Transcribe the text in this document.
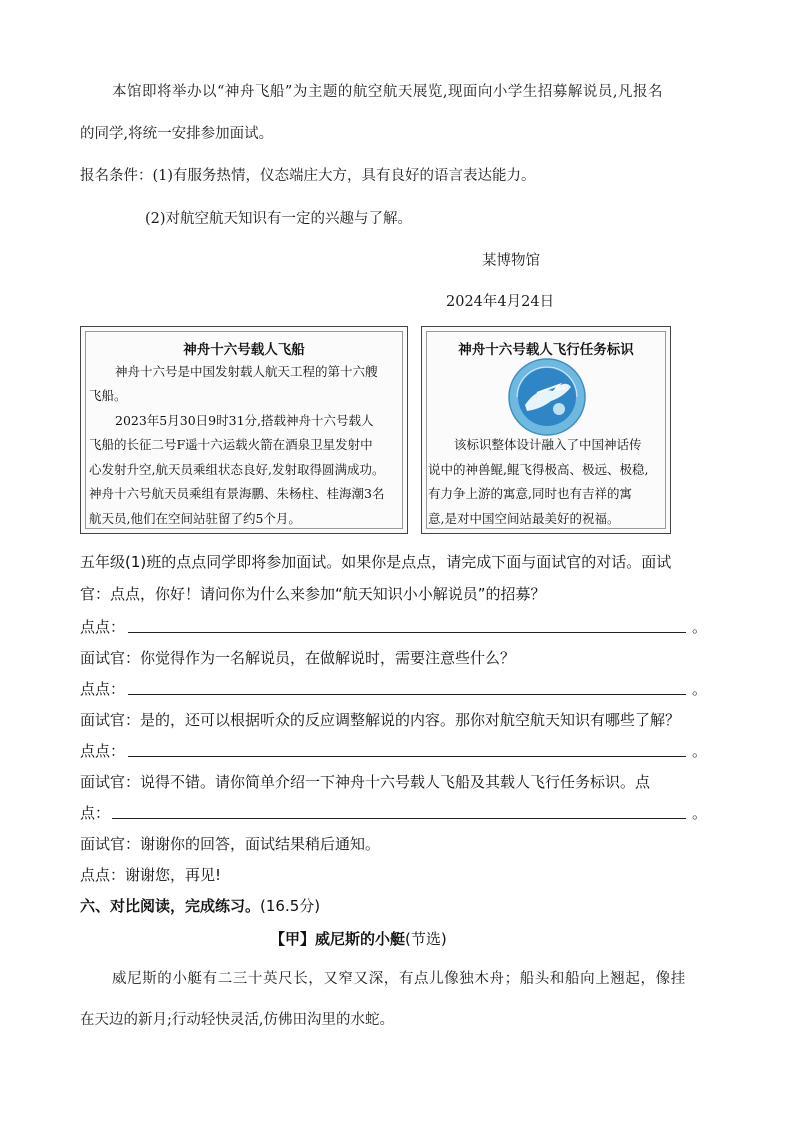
本馆即将举办以“神舟飞船”为主题的航空航天展览,现面向小学生招募解说员,凡报名
的同学,将统一安排参加面试。
报名条件：(1)有服务热情，仪态端庄大方，具有良好的语言表达能力。
(2)对航空航天知识有一定的兴趣与了解。
某博物馆
2024年4月24日
神舟十六号载人飞船
神舟十六号是中国发射载人航天工程的第十六艘
飞船。
2023年5月30日9时31分,搭载神舟十六号载人
飞船的长征二号F遥十六运载火箭在酒泉卫星发射中
心发射升空,航天员乘组状态良好,发射取得圆满成功。
神舟十六号航天员乘组有景海鹏、朱杨柱、桂海潮3名
航天员,他们在空间站驻留了约5个月。
神舟十六号载人飞行任务标识
该标识整体设计融入了中国神话传
说中的神兽鲲,鲲飞得极高、极远、极稳,
有力争上游的寓意,同时也有吉祥的寓
意,是对中国空间站最美好的祝福。
五年级(1)班的点点同学即将参加面试。如果你是点点，请完成下面与面试官的对话。面试
官：点点，你好！请问你为什么来参加“航天知识小小解说员”的招募？
点点：	。
面试官：你觉得作为一名解说员，在做解说时，需要注意些什么？
点点：	。
面试官：是的，还可以根据听众的反应调整解说的内容。那你对航空航天知识有哪些了解？
点点：	。
面试官：说得不错。请你简单介绍一下神舟十六号载人飞船及其载人飞行任务标识。点
点：	。
面试官：谢谢你的回答，面试结果稍后通知。
点点：谢谢您，再见!
六、对比阅读，完成练习。(16.5分)
【甲】威尼斯的小艇(节选)
威尼斯的小艇有二三十英尺长，又窄又深，有点儿像独木舟；船头和船向上翘起，像挂
在天边的新月;行动轻快灵活,仿佛田沟里的水蛇。
